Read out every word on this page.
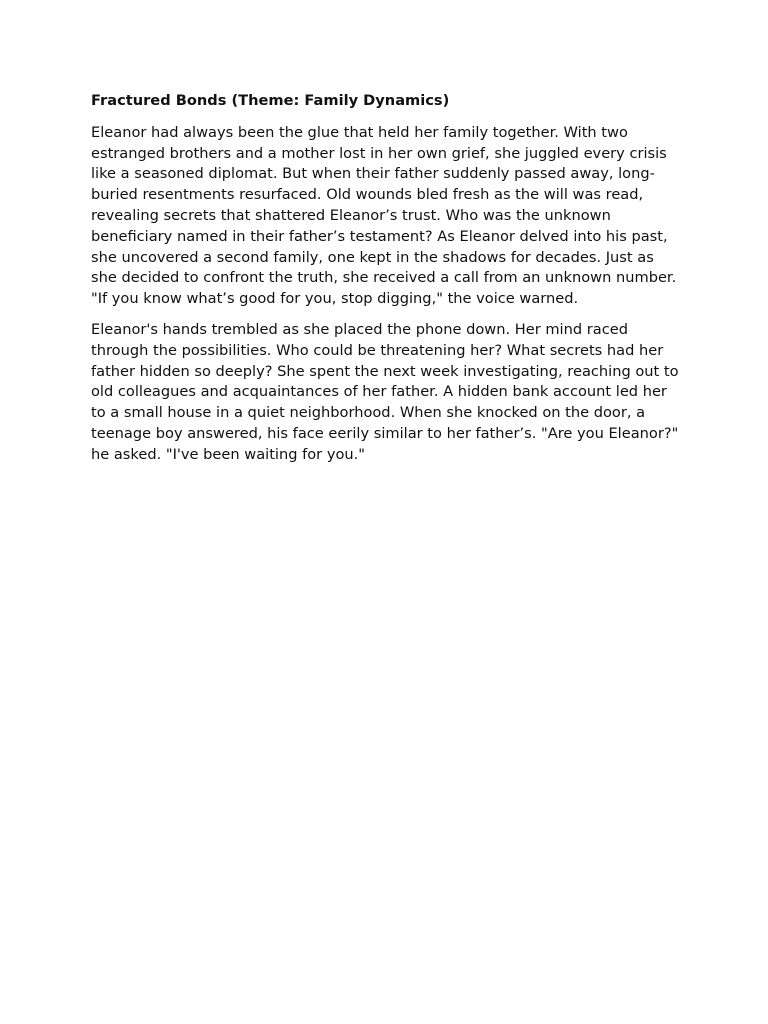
Fractured Bonds (Theme: Family Dynamics)

Eleanor had always been the glue that held her family together. With two estranged brothers and a mother lost in her own grief, she juggled every crisis like a seasoned diplomat. But when their father suddenly passed away, long-buried resentments resurfaced. Old wounds bled fresh as the will was read, revealing secrets that shattered Eleanor’s trust. Who was the unknown beneficiary named in their father’s testament? As Eleanor delved into his past, she uncovered a second family, one kept in the shadows for decades. Just as she decided to confront the truth, she received a call from an unknown number. "If you know what’s good for you, stop digging," the voice warned.

Eleanor's hands trembled as she placed the phone down. Her mind raced through the possibilities. Who could be threatening her? What secrets had her father hidden so deeply? She spent the next week investigating, reaching out to old colleagues and acquaintances of her father. A hidden bank account led her to a small house in a quiet neighborhood. When she knocked on the door, a teenage boy answered, his face eerily similar to her father’s. "Are you Eleanor?" he asked. "I've been waiting for you."
